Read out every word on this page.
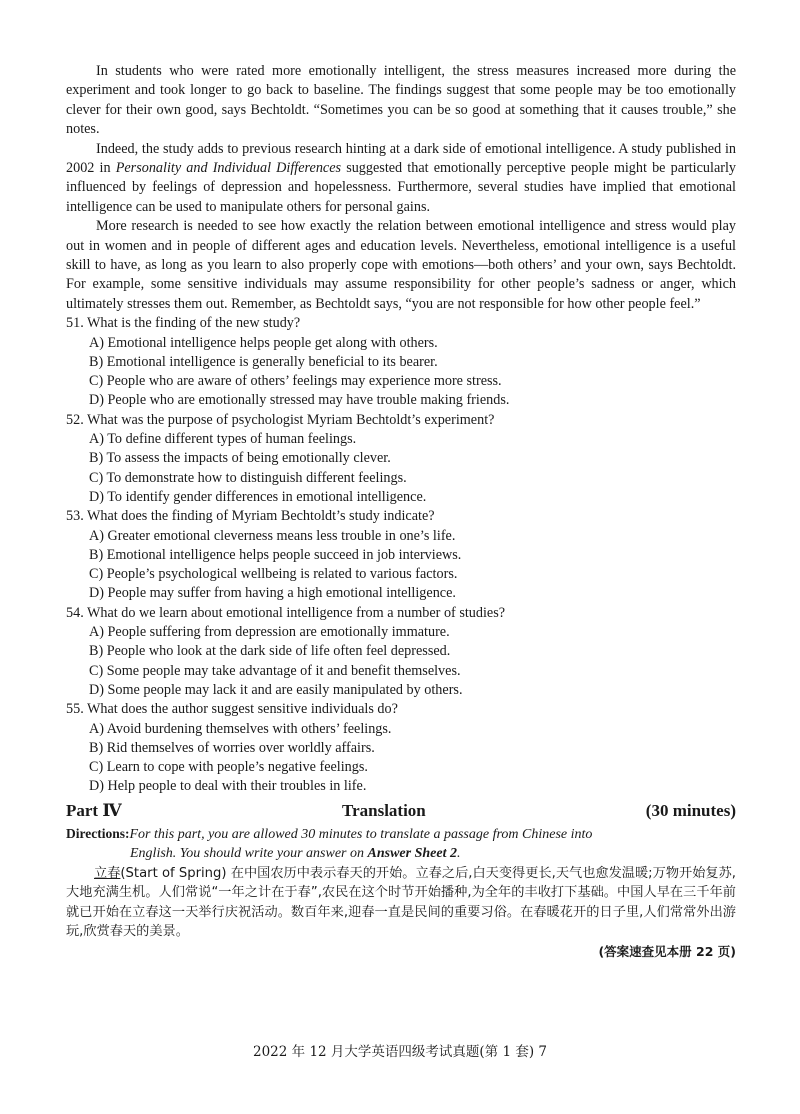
In students who were rated more emotionally intelligent, the stress measures increased more during the experiment and took longer to go back to baseline. The findings suggest that some people may be too emotionally clever for their own good, says Bechtoldt. “Sometimes you can be so good at something that it causes trouble,” she notes.

Indeed, the study adds to previous research hinting at a dark side of emotional intelligence. A study published in 2002 in Personality and Individual Differences suggested that emotionally perceptive people might be particularly influenced by feelings of depression and hopelessness. Furthermore, several studies have implied that emotional intelligence can be used to manipulate others for personal gains.

More research is needed to see how exactly the relation between emotional intelligence and stress would play out in women and in people of different ages and education levels. Nevertheless, emotional intelligence is a useful skill to have, as long as you learn to also properly cope with emotions—both others’ and your own, says Bechtoldt. For example, some sensitive individuals may assume responsibility for other people’s sadness or anger, which ultimately stresses them out. Remember, as Bechtoldt says, “you are not responsible for how other people feel.”

51. What is the finding of the new study?

A) Emotional intelligence helps people get along with others.

B) Emotional intelligence is generally beneficial to its bearer.

C) People who are aware of others’ feelings may experience more stress.

D) People who are emotionally stressed may have trouble making friends.

52. What was the purpose of psychologist Myriam Bechtoldt’s experiment?

A) To define different types of human feelings.

B) To assess the impacts of being emotionally clever.

C) To demonstrate how to distinguish different feelings.

D) To identify gender differences in emotional intelligence.

53. What does the finding of Myriam Bechtoldt’s study indicate?

A) Greater emotional cleverness means less trouble in one’s life.

B) Emotional intelligence helps people succeed in job interviews.

C) People’s psychological wellbeing is related to various factors.

D) People may suffer from having a high emotional intelligence.

54. What do we learn about emotional intelligence from a number of studies?

A) People suffering from depression are emotionally immature.

B) People who look at the dark side of life often feel depressed.

C) Some people may take advantage of it and benefit themselves.

D) Some people may lack it and are easily manipulated by others.

55. What does the author suggest sensitive individuals do?

A) Avoid burdening themselves with others’ feelings.

B) Rid themselves of worries over worldly affairs.

C) Learn to cope with people’s negative feelings.

D) Help people to deal with their troubles in life.

Part Ⅳ	Translation	(30 minutes)
Directions:For this part, you are allowed 30 minutes to translate a passage from Chinese into
English. You should write your answer on Answer Sheet 2.

立春(Start of Spring) 在中国农历中表示春天的开始。立春之后,白天变得更长,天气也愈发温暖;万物开始复苏,大地充满生机。人们常说“一年之计在于春”,农民在这个时节开始播种,为全年的丰收打下基础。中国人早在三千年前就已开始在立春这一天举行庆祝活动。数百年来,迎春一直是民间的重要习俗。在春暖花开的日子里,人们常常外出游玩,欣赏春天的美景。

(答案速查见本册 22 页)

2022 年 12 月大学英语四级考试真题(第 1 套) 7
